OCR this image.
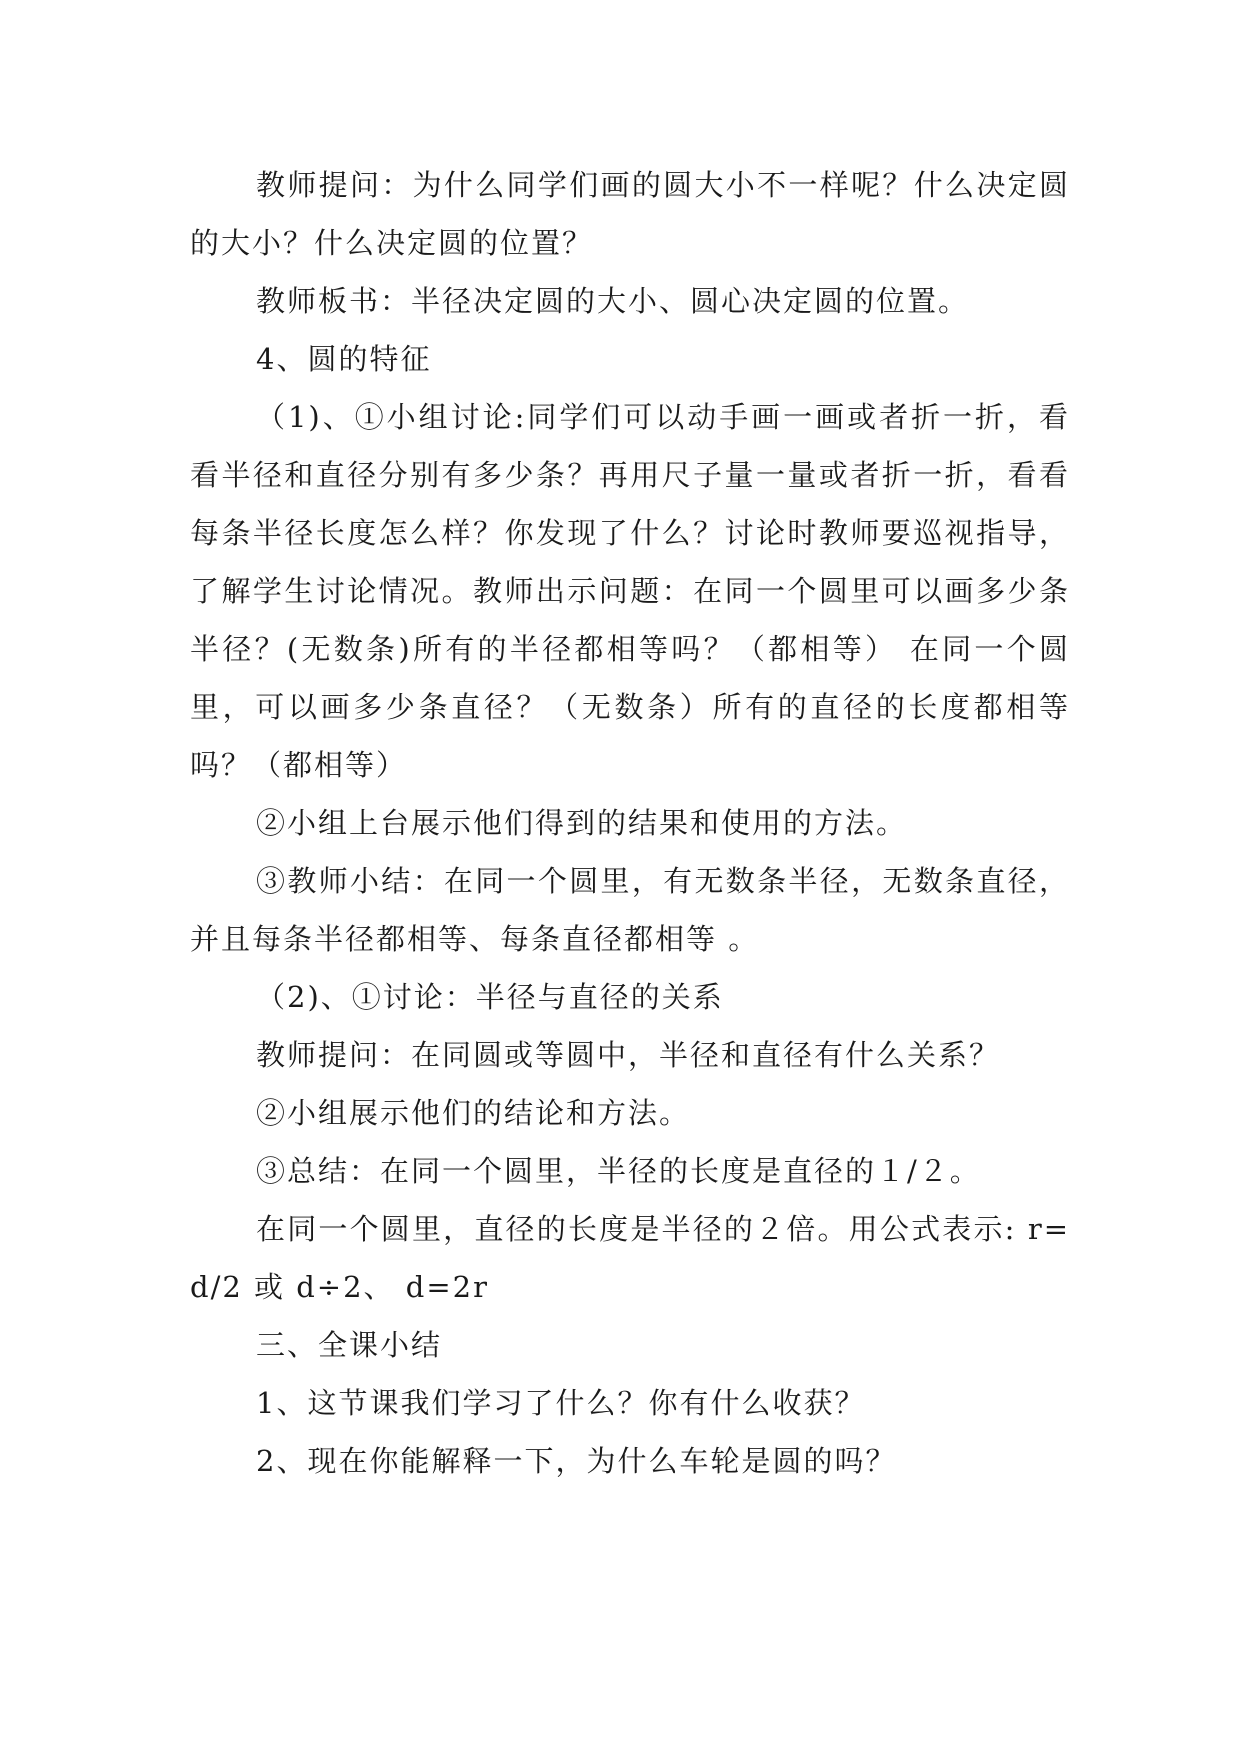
教师提问：为什么同学们画的圆大小不一样呢？什么决定圆的大小？什么决定圆的位置？

教师板书：半径决定圆的大小、圆心决定圆的位置。

4、圆的特征

（1)、①小组讨论:同学们可以动手画一画或者折一折，看看半径和直径分别有多少条？再用尺子量一量或者折一折，看看每条半径长度怎么样？你发现了什么？讨论时教师要巡视指导，了解学生讨论情况。教师出示问题：在同一个圆里可以画多少条半径？(无数条)所有的半径都相等吗？（都相等） 在同一个圆里，可以画多少条直径？（无数条）所有的直径的长度都相等吗？（都相等）

②小组上台展示他们得到的结果和使用的方法。

③教师小结：在同一个圆里，有无数条半径，无数条直径，并且每条半径都相等、每条直径都相等 。

（2)、①讨论：半径与直径的关系

教师提问：在同圆或等圆中，半径和直径有什么关系？

②小组展示他们的结论和方法。

③总结：在同一个圆里，半径的长度是直径的１/２。

在同一个圆里，直径的长度是半径的２倍。用公式表示: r=d/2 或 d÷2、 d=2r

三、全课小结

1、这节课我们学习了什么？你有什么收获？

2、现在你能解释一下，为什么车轮是圆的吗？
